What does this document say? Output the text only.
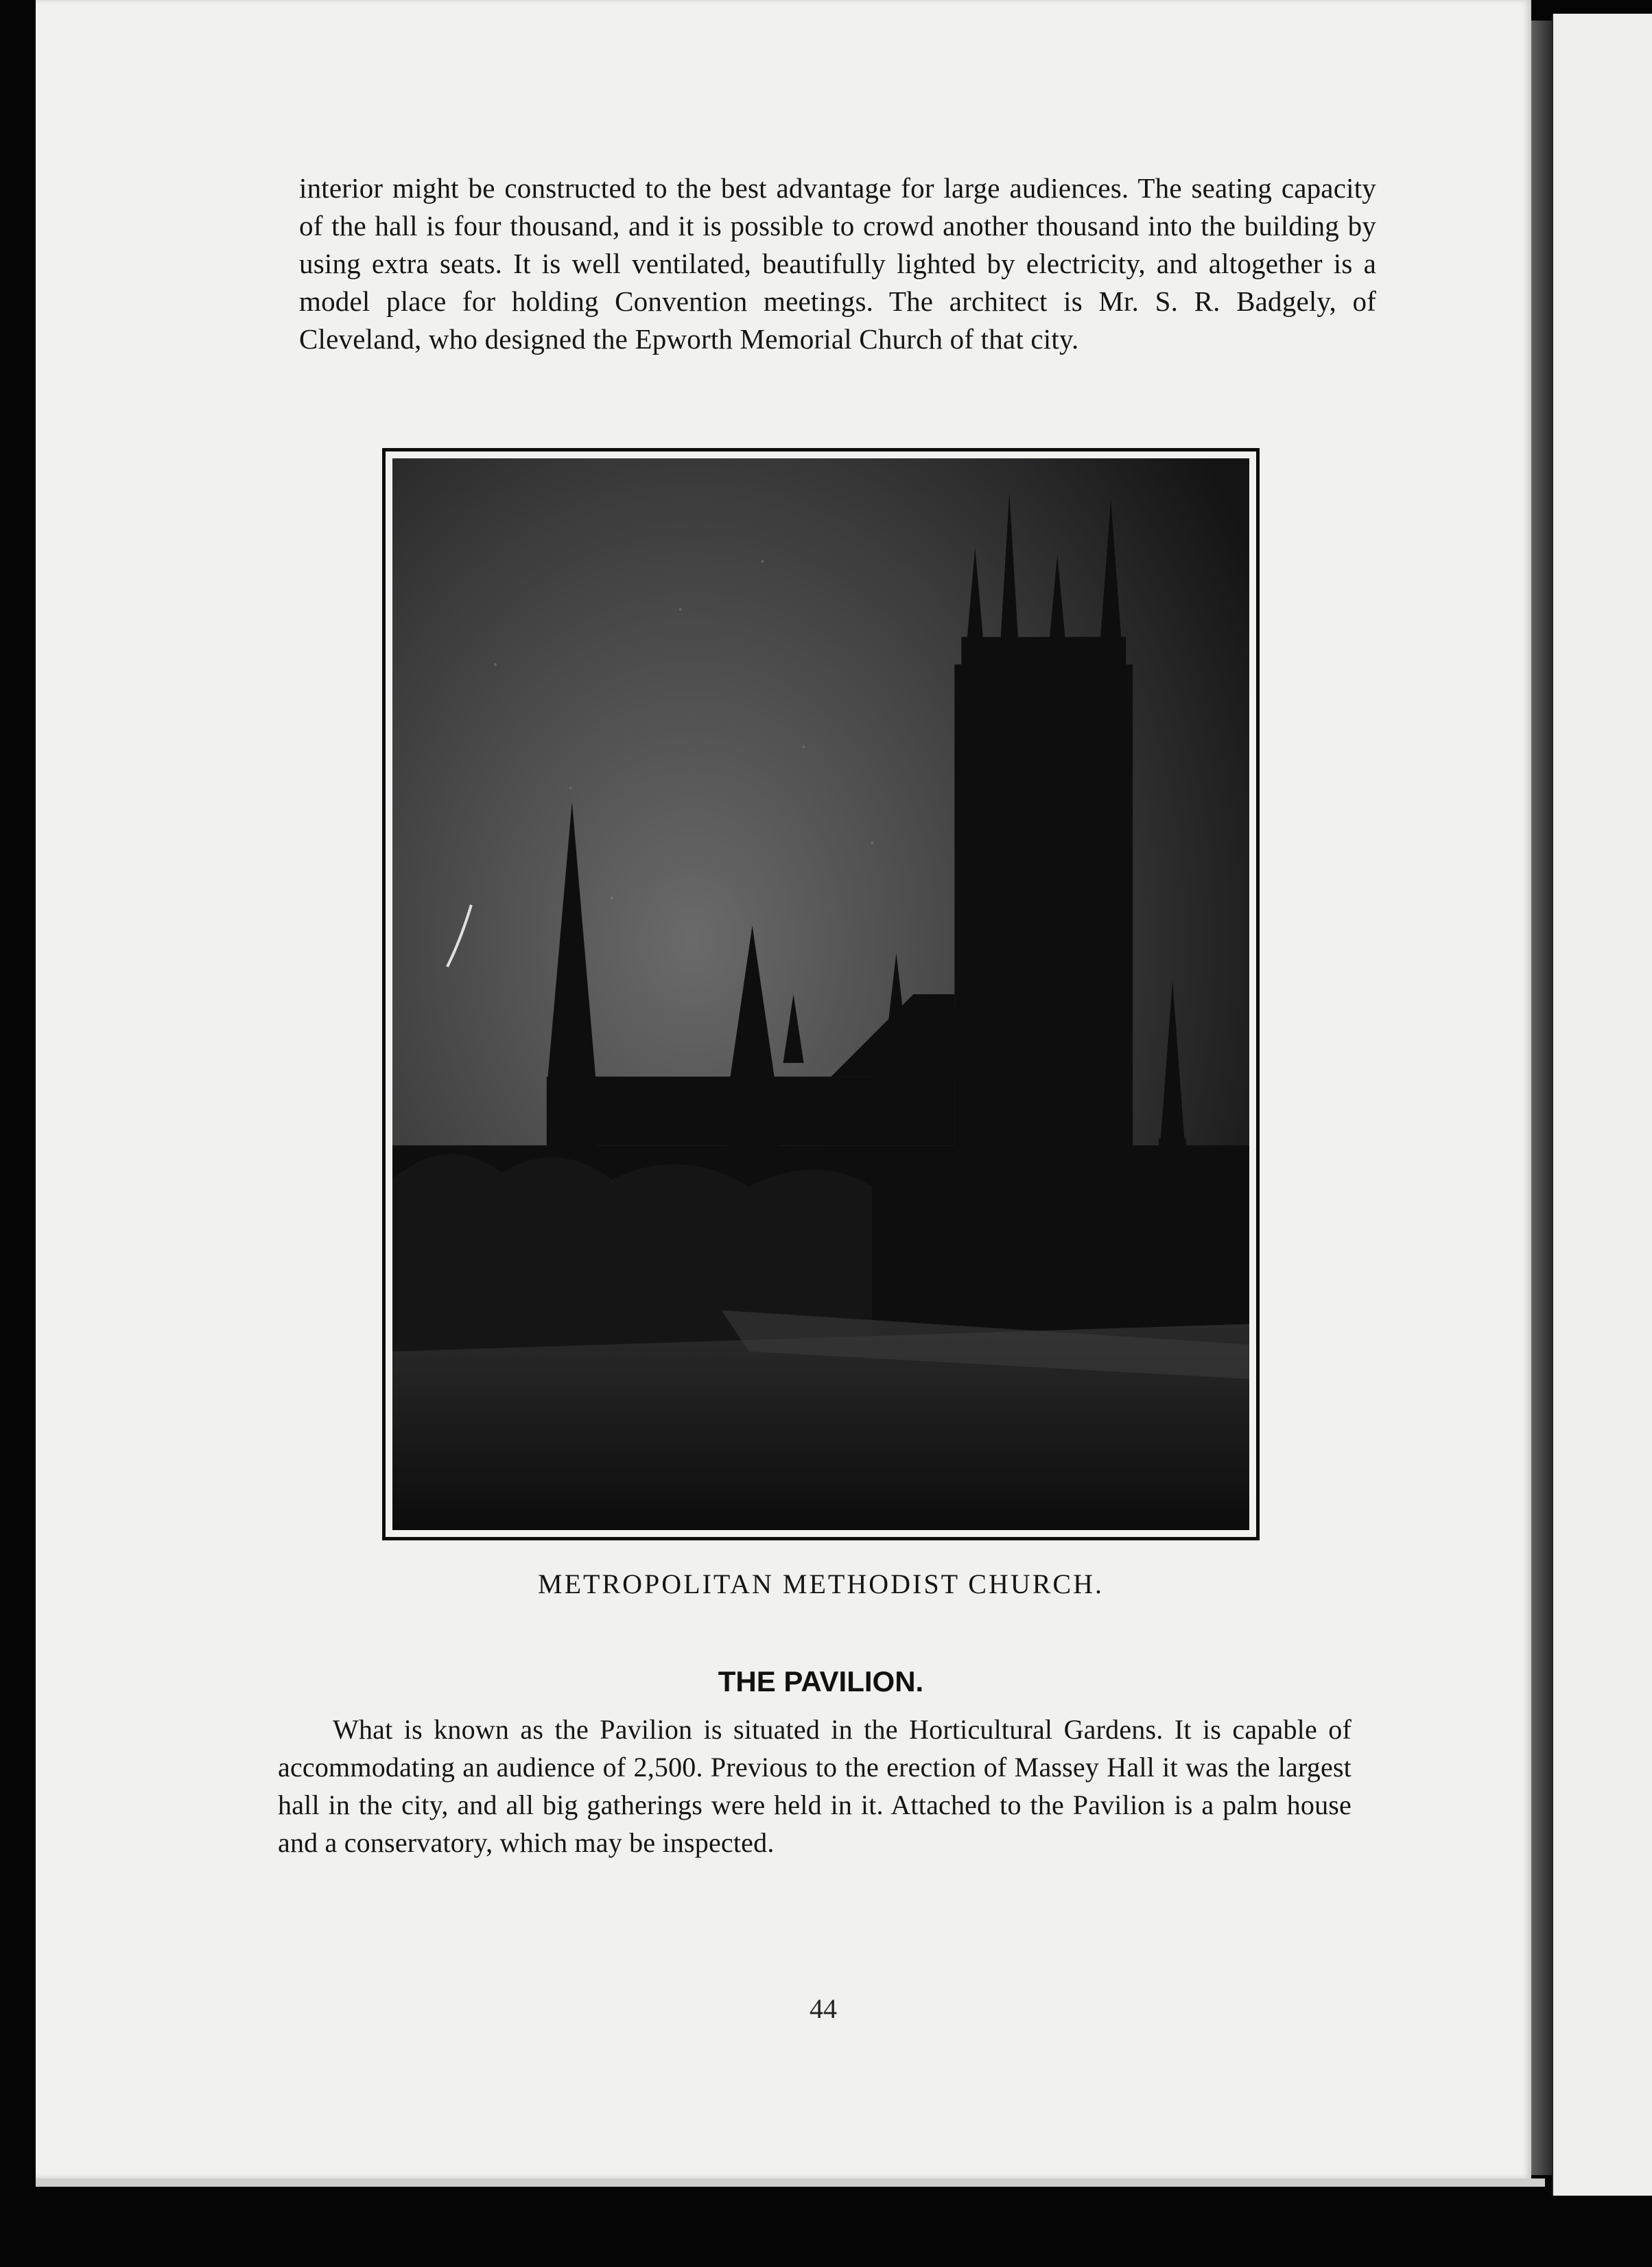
interior might be constructed to the best advantage for large audiences. The seating capacity of the hall is four thousand, and it is possible to crowd another thousand into the building by using extra seats. It is well ventilated, beautifully lighted by electricity, and altogether is a model place for holding Convention meetings. The architect is Mr. S. R. Badgely, of Cleveland, who designed the Epworth Memorial Church of that city.

METROPOLITAN METHODIST CHURCH.
THE PAVILION.

What is known as the Pavilion is situated in the Horticultural Gardens. It is capable of accommodating an audience of 2,500. Previous to the erection of Massey Hall it was the largest hall in the city, and all big gatherings were held in it. Attached to the Pavilion is a palm house and a conservatory, which may be inspected.

44
